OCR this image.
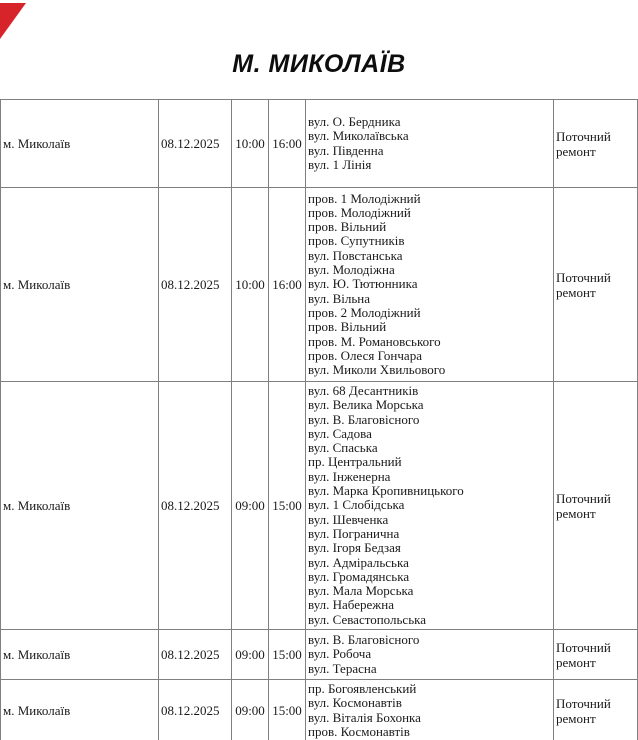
М. МИКОЛАЇВ
м. Миколаїв	08.12.2025	10:00	16:00	вул. О. Бердника
вул. Миколаївська
вул. Південна
вул. 1 Лінія	Поточний ремонт
м. Миколаїв	08.12.2025	10:00	16:00	
пров. 1 Молодіжний
пров. Молодіжний
пров. Вільний
пров. Супутників
вул. Повстанська
вул. Молодіжна
вул. Ю. Тютюнника
вул. Вільна
пров. 2 Молодіжний
пров. Вільний
пров. М. Романовського
пров. Олеся Гончара
вул. Миколи Хвильового
	Поточний ремонт
м. Миколаїв	08.12.2025	09:00	15:00	
вул. 68 Десантників
вул. Велика Морська
вул. В. Благовісного
вул. Садова
вул. Спаська
пр. Центральний
вул. Інженерна
вул. Марка Кропивницького
вул. 1 Слобідська
вул. Шевченка
вул. Погранична
вул. Ігоря Бедзая
вул. Адміральська
вул. Громадянська
вул. Мала Морська
вул. Набережна
вул. Севастопольська
	Поточний ремонт
м. Миколаїв	08.12.2025	09:00	15:00	вул. В. Благовісного
вул. Робоча
вул. Терасна	Поточний ремонт
м. Миколаїв	08.12.2025	09:00	15:00	пр. Богоявленський
вул. Космонавтів
вул. Віталія Бохонка
пров. Космонавтів	Поточний ремонт
